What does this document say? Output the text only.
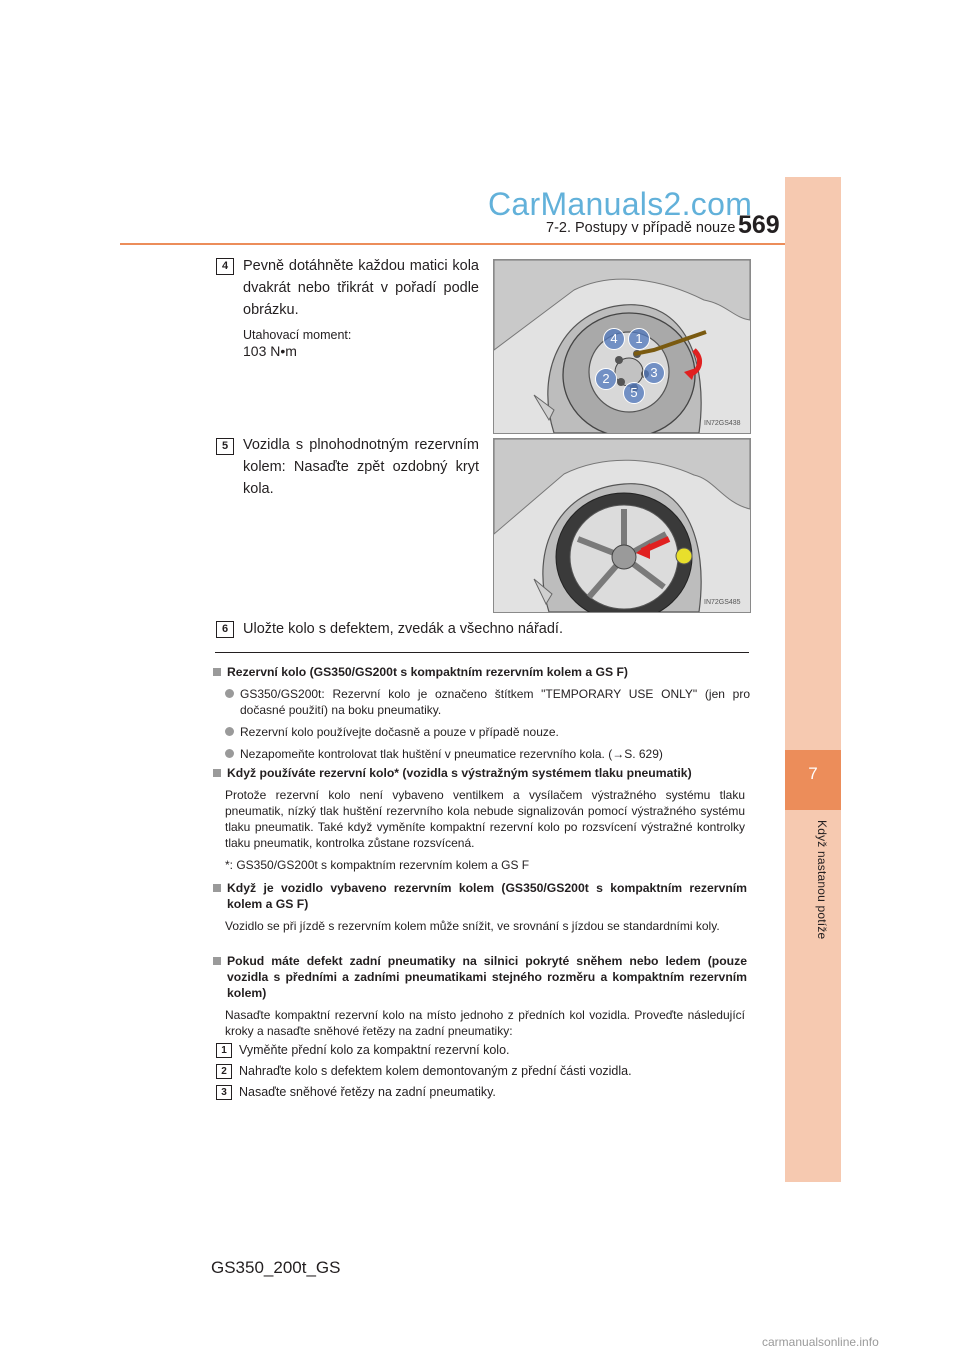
7
Když nastanou potíže
CarManuals2.com
7-2. Postupy v případě nouze 569
4	Pevně dotáhněte každou matici kola dvakrát nebo třikrát v pořadí podle obrázku.
Utahovací moment:
103 N•m
4	1
3
2
5
IN72GS438
5	Vozidla s plnohodnotným rezervním kolem: Nasaďte zpět ozdobný kryt kola.
IN72GS485
6	Uložte kolo s defektem, zvedák a všechno nářadí.
Rezervní kolo (GS350/GS200t s kompaktním rezervním kolem a GS F)
GS350/GS200t: Rezervní kolo je označeno štítkem "TEMPORARY USE ONLY" (jen pro dočasné použití) na boku pneumatiky.
Rezervní kolo používejte dočasně a pouze v případě nouze.
Nezapomeňte kontrolovat tlak huštění v pneumatice rezervního kola. (→S. 629)
Když používáte rezervní kolo* (vozidla s výstražným systémem tlaku pneumatik)
Protože rezervní kolo není vybaveno ventilkem a vysílačem výstražného systému tlaku pneumatik, nízký tlak huštění rezervního kola nebude signalizován pomocí výstražného systému tlaku pneumatik. Také když vyměníte kompaktní rezervní kolo po rozsvícení výstražné kontrolky tlaku pneumatik, kontrolka zůstane rozsvícená.
*: GS350/GS200t s kompaktním rezervním kolem a GS F
Když je vozidlo vybaveno rezervním kolem (GS350/GS200t s kompaktním rezervním kolem a GS F)
Vozidlo se při jízdě s rezervním kolem může snížit, ve srovnání s jízdou se standardními koly.
Pokud máte defekt zadní pneumatiky na silnici pokryté sněhem nebo ledem (pouze vozidla s předními a zadními pneumatikami stejného rozměru a kompaktním rezervním kolem)
Nasaďte kompaktní rezervní kolo na místo jednoho z předních kol vozidla. Proveďte následující kroky a nasaďte sněhové řetězy na zadní pneumatiky:
1 Vyměňte přední kolo za kompaktní rezervní kolo.
2 Nahraďte kolo s defektem kolem demontovaným z přední části vozidla.
3 Nasaďte sněhové řetězy na zadní pneumatiky.
GS350_200t_GS
carmanualsonline.info
